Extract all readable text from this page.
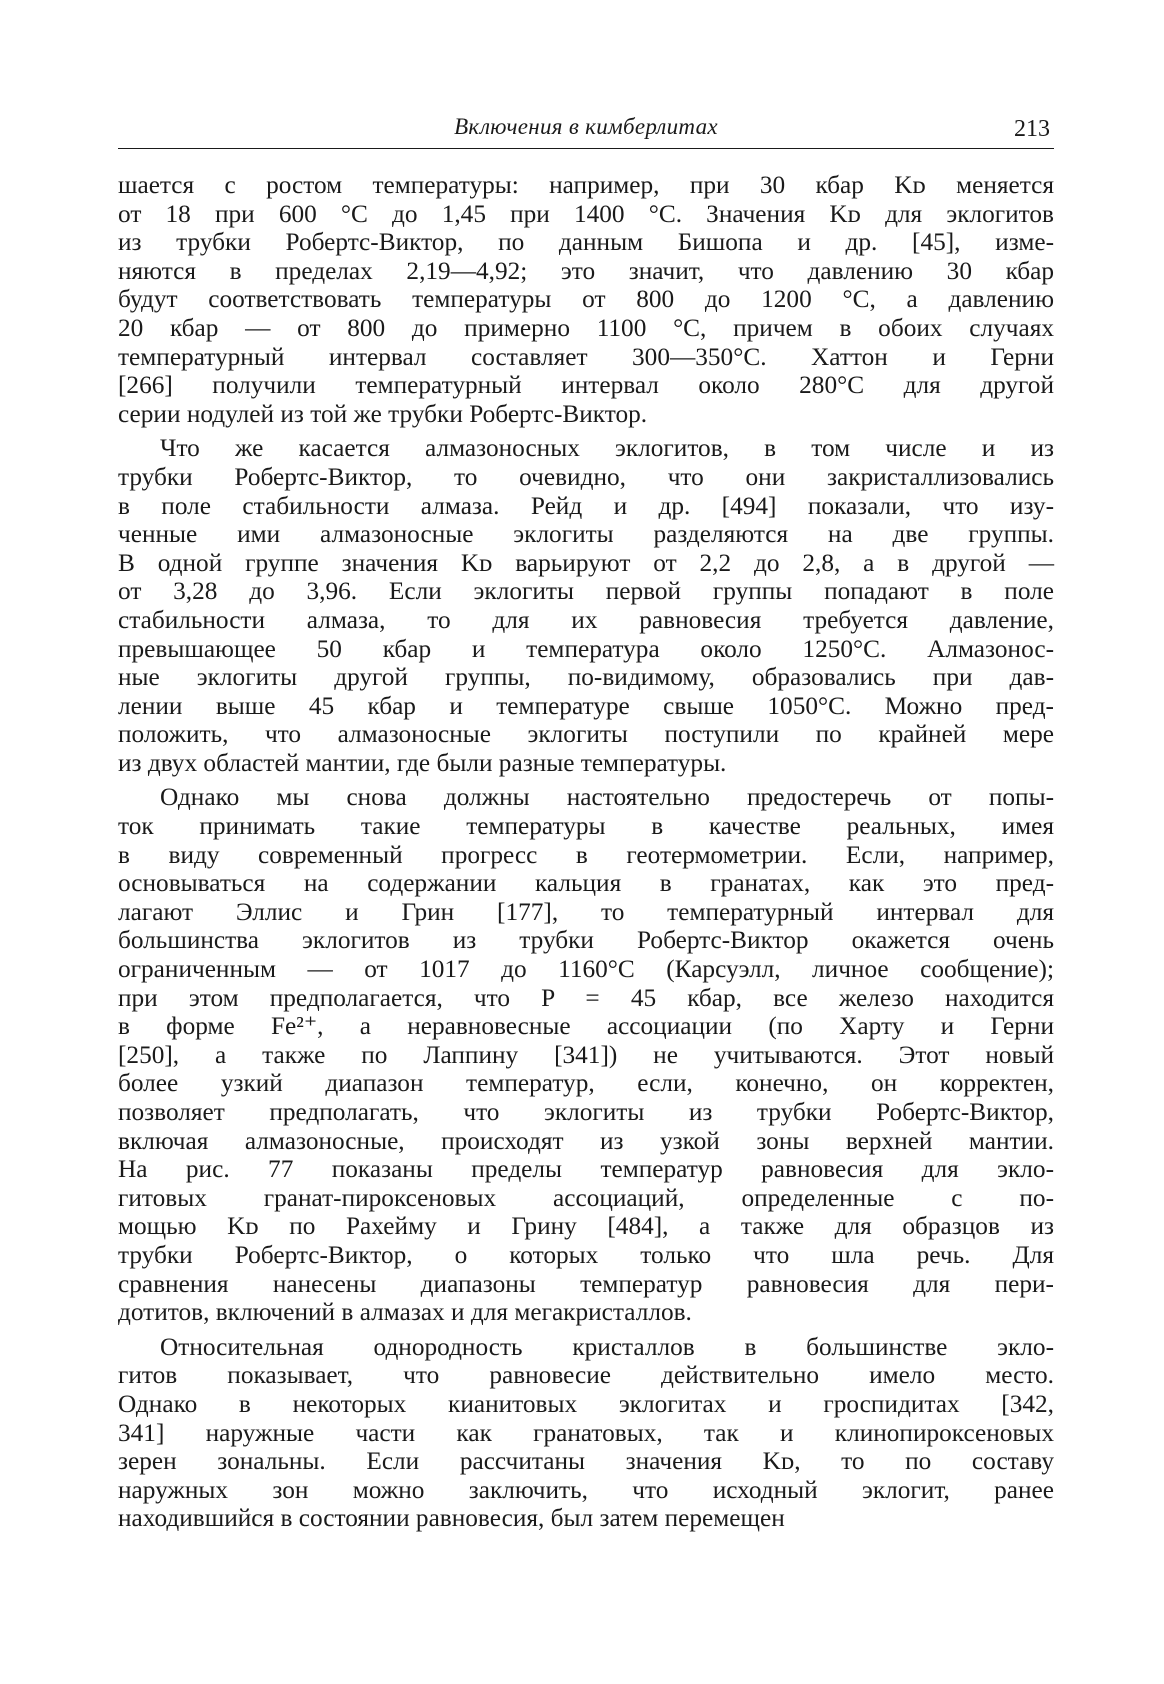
Включения в кимберлитах	213
шается с ростом температуры: например, при 30 кбар Kᴅ меняется
от 18 при 600 °С до 1,45 при 1400 °С. Значения Kᴅ для эклогитов
из трубки Робертс-Виктор, по данным Бишопа и др. [45], изме-
няются в пределах 2,19—4,92; это значит, что давлению 30 кбар
будут соответствовать температуры от 800 до 1200 °С, а давлению
20 кбар — от 800 до примерно 1100 °С, причем в обоих случаях
температурный интервал составляет 300—350°С. Хаттон и Герни
[266] получили температурный интервал около 280°С для другой
серии нодулей из той же трубки Робертс-Виктор.
Что же касается алмазоносных эклогитов, в том числе и из
трубки Робертс-Виктор, то очевидно, что они закристаллизовались
в поле стабильности алмаза. Рейд и др. [494] показали, что изу-
ченные ими алмазоносные эклогиты разделяются на две группы.
В одной группе значения Kᴅ варьируют от 2,2 до 2,8, а в другой —
от 3,28 до 3,96. Если эклогиты первой группы попадают в поле
стабильности алмаза, то для их равновесия требуется давление,
превышающее 50 кбар и температура около 1250°С. Алмазонос-
ные эклогиты другой группы, по-видимому, образовались при дав-
лении выше 45 кбар и температуре свыше 1050°С. Можно пред-
положить, что алмазоносные эклогиты поступили по крайней мере
из двух областей мантии, где были разные температуры.
Однако мы снова должны настоятельно предостеречь от попы-
ток принимать такие температуры в качестве реальных, имея
в виду современный прогресс в геотермометрии. Если, например,
основываться на содержании кальция в гранатах, как это пред-
лагают Эллис и Грин [177], то температурный интервал для
большинства эклогитов из трубки Робертс-Виктор окажется очень
ограниченным — от 1017 до 1160°С (Карсуэлл, личное сообщение);
при этом предполагается, что P = 45 кбар, все железо находится
в форме Fe²⁺, а неравновесные ассоциации (по Харту и Герни
[250], а также по Лаппину [341]) не учитываются. Этот новый
более узкий диапазон температур, если, конечно, он корректен,
позволяет предполагать, что эклогиты из трубки Робертс-Виктор,
включая алмазоносные, происходят из узкой зоны верхней мантии.
На рис. 77 показаны пределы температур равновесия для экло-
гитовых гранат-пироксеновых ассоциаций, определенные с по-
мощью Kᴅ по Рахейму и Грину [484], а также для образцов из
трубки Робертс-Виктор, о которых только что шла речь. Для
сравнения нанесены диапазоны температур равновесия для пери-
дотитов, включений в алмазах и для мегакристаллов.
Относительная однородность кристаллов в большинстве экло-
гитов показывает, что равновесие действительно имело место.
Однако в некоторых кианитовых эклогитах и гроспидитах [342,
341] наружные части как гранатовых, так и клинопироксеновых
зерен зональны. Если рассчитаны значения Kᴅ, то по составу
наружных зон можно заключить, что исходный эклогит, ранее
находившийся в состоянии равновесия, был затем перемещен
